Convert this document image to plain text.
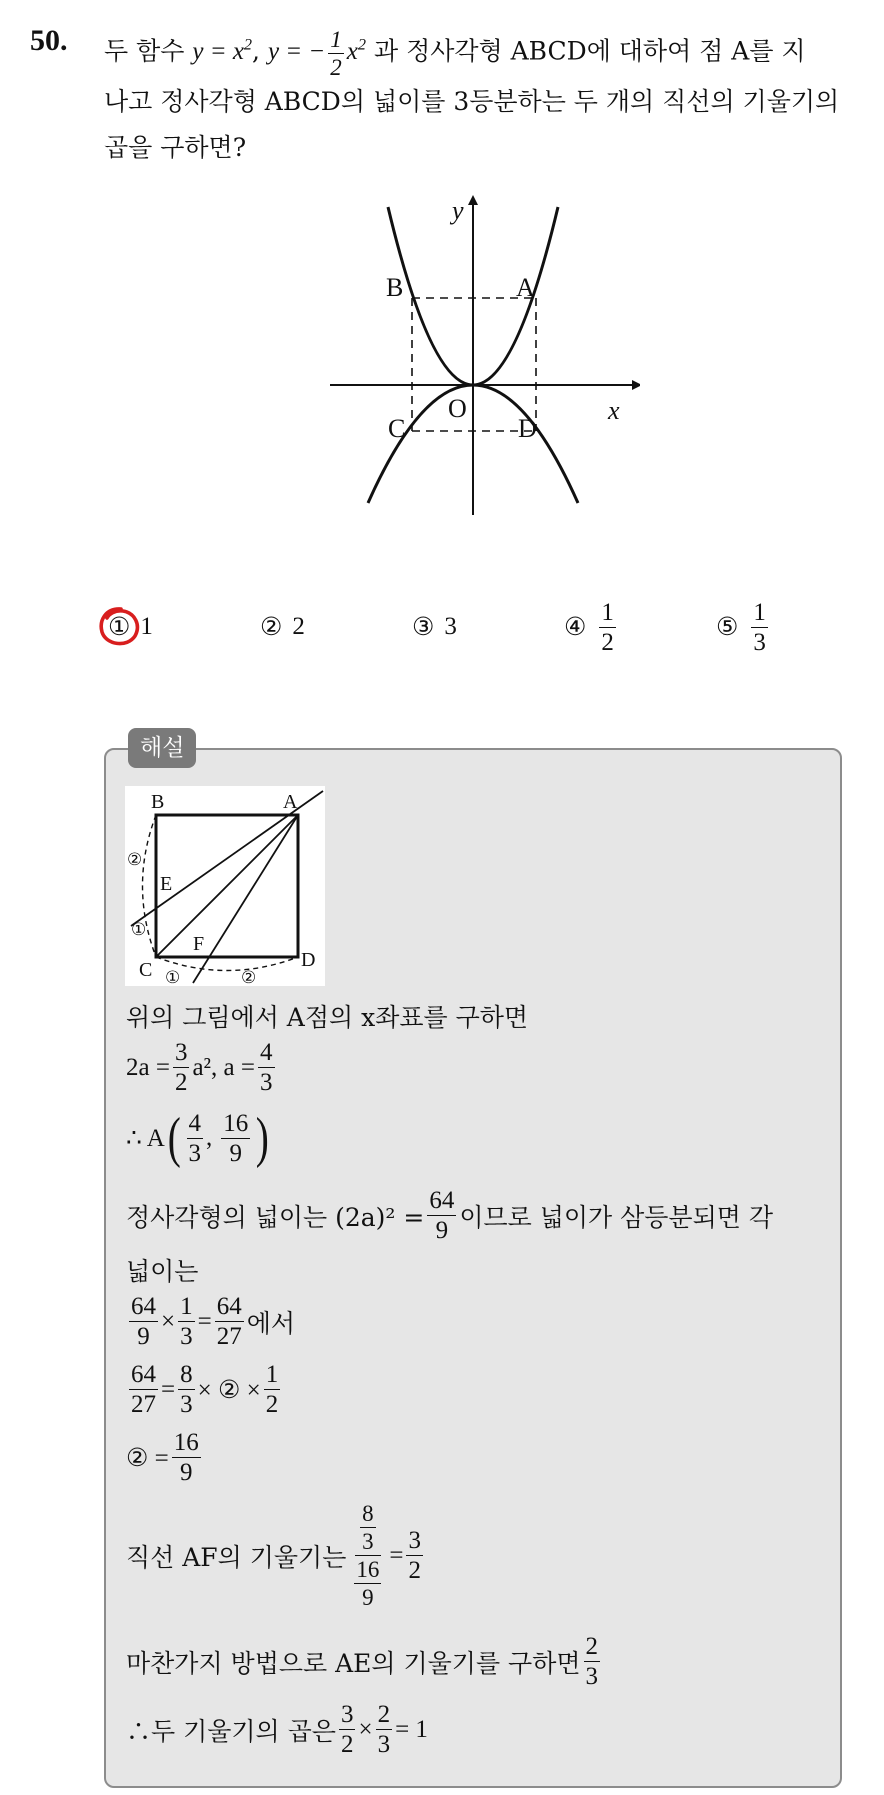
50. 두 함수 $y = x^2$, y = − $\frac{1}{2} x^2$ 과 정사각형 ABCD에 대하여 점 A를 지
나고 정사각형 ABCD의 넓이를 3등분하는 두 개의 직선의 기울기의
곱을 구하면?
y
x
O
A
B
C	D
① 1	② 2	③ 3	④ $\frac{1}{2}$	⑤ $\frac{1}{3}$
해설
B	A
E
F
C	D
②
①
①	②
위의 그림에서 A점의 x좌표를 구하면
$2a = \frac{3}{2} a^2$, $a = \frac{4}{3}$
∴ A ( $\frac{4}{3}$ , $\frac{16}{9}$ )
정사각형의 넓이는 $(2a)^2 = \frac{64}{9}$ 이므로 넓이가 삼등분되면 각
넓이는
$\frac{64}{9} \times \frac{1}{3} = \frac{64}{27}$ 에서
$\frac{64}{27} = \frac{8}{3}$ × ② × $\frac{1}{2}$
② = $\frac{16}{9}$
직선 AF의 기울기는 $\frac{\frac{8}{3}}{\frac{16}{9}} = \frac{3}{2}$
마찬가지 방법으로 AE의 기울기를 구하면 $\frac{2}{3}$
∴두 기울기의 곱은 $\frac{3}{2} \times \frac{2}{3} = 1$
